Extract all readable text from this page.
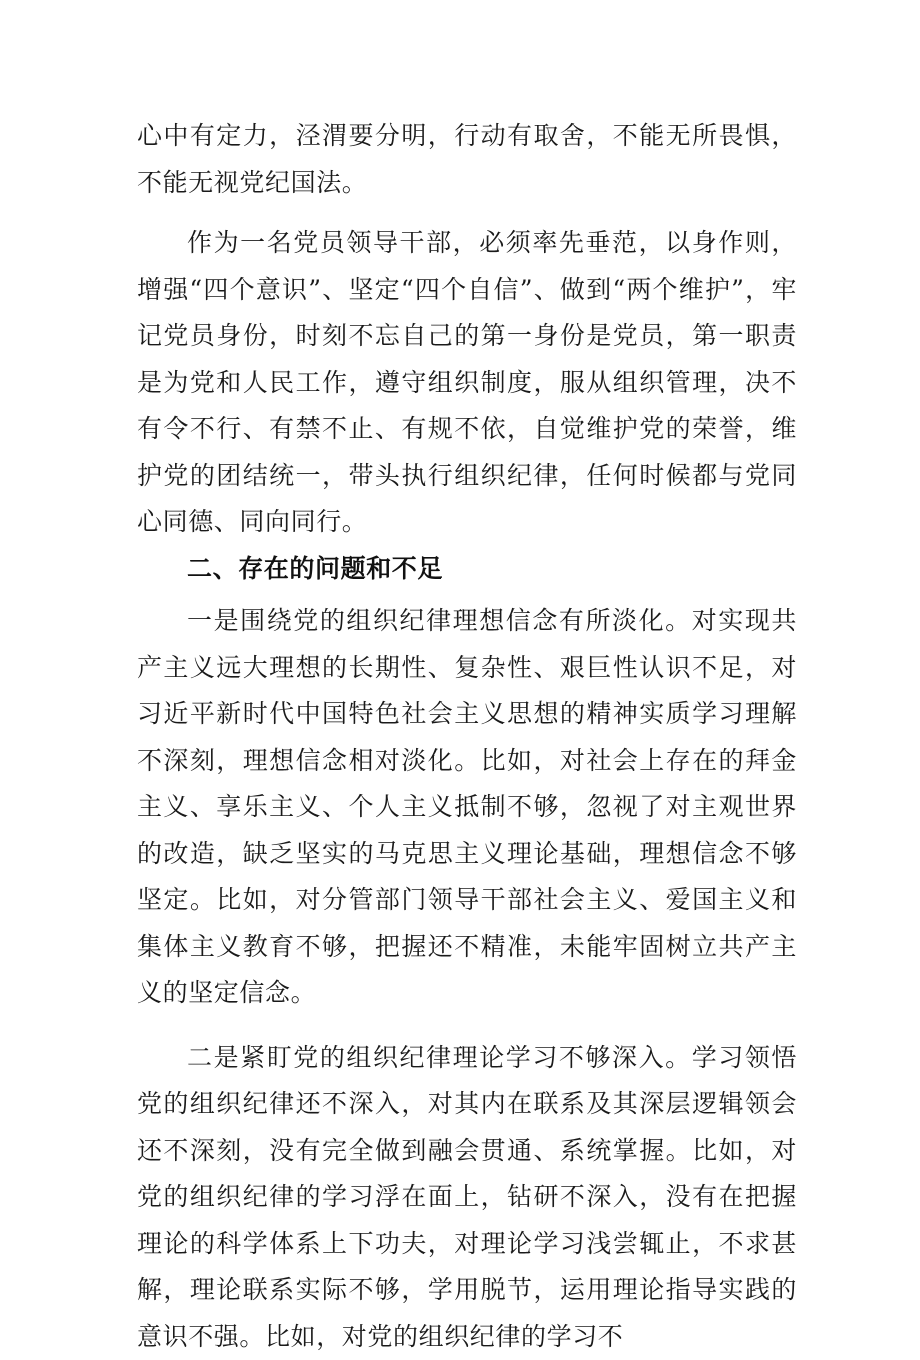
心中有定力，泾渭要分明，行动有取舍，不能无所畏惧，不能无视党纪国法。

作为一名党员领导干部，必须率先垂范，以身作则，增强“四个意识”、坚定“四个自信”、做到“两个维护”，牢记党员身份，时刻不忘自己的第一身份是党员，第一职责是为党和人民工作，遵守组织制度，服从组织管理，决不有令不行、有禁不止、有规不依，自觉维护党的荣誉，维护党的团结统一，带头执行组织纪律，任何时候都与党同心同德、同向同行。

二、存在的问题和不足

一是围绕党的组织纪律理想信念有所淡化。对实现共产主义远大理想的长期性、复杂性、艰巨性认识不足，对习近平新时代中国特色社会主义思想的精神实质学习理解不深刻，理想信念相对淡化。比如，对社会上存在的拜金主义、享乐主义、个人主义抵制不够，忽视了对主观世界的改造，缺乏坚实的马克思主义理论基础，理想信念不够坚定。比如，对分管部门领导干部社会主义、爱国主义和集体主义教育不够，把握还不精准，未能牢固树立共产主义的坚定信念。

二是紧盯党的组织纪律理论学习不够深入。学习领悟党的组织纪律还不深入，对其内在联系及其深层逻辑领会还不深刻，没有完全做到融会贯通、系统掌握。比如，对党的组织纪律的学习浮在面上，钻研不深入，没有在把握理论的科学体系上下功夫，对理论学习浅尝辄止，不求甚解，理论联系实际不够，学用脱节，运用理论指导实践的意识不强。比如，对党的组织纪律的学习不
